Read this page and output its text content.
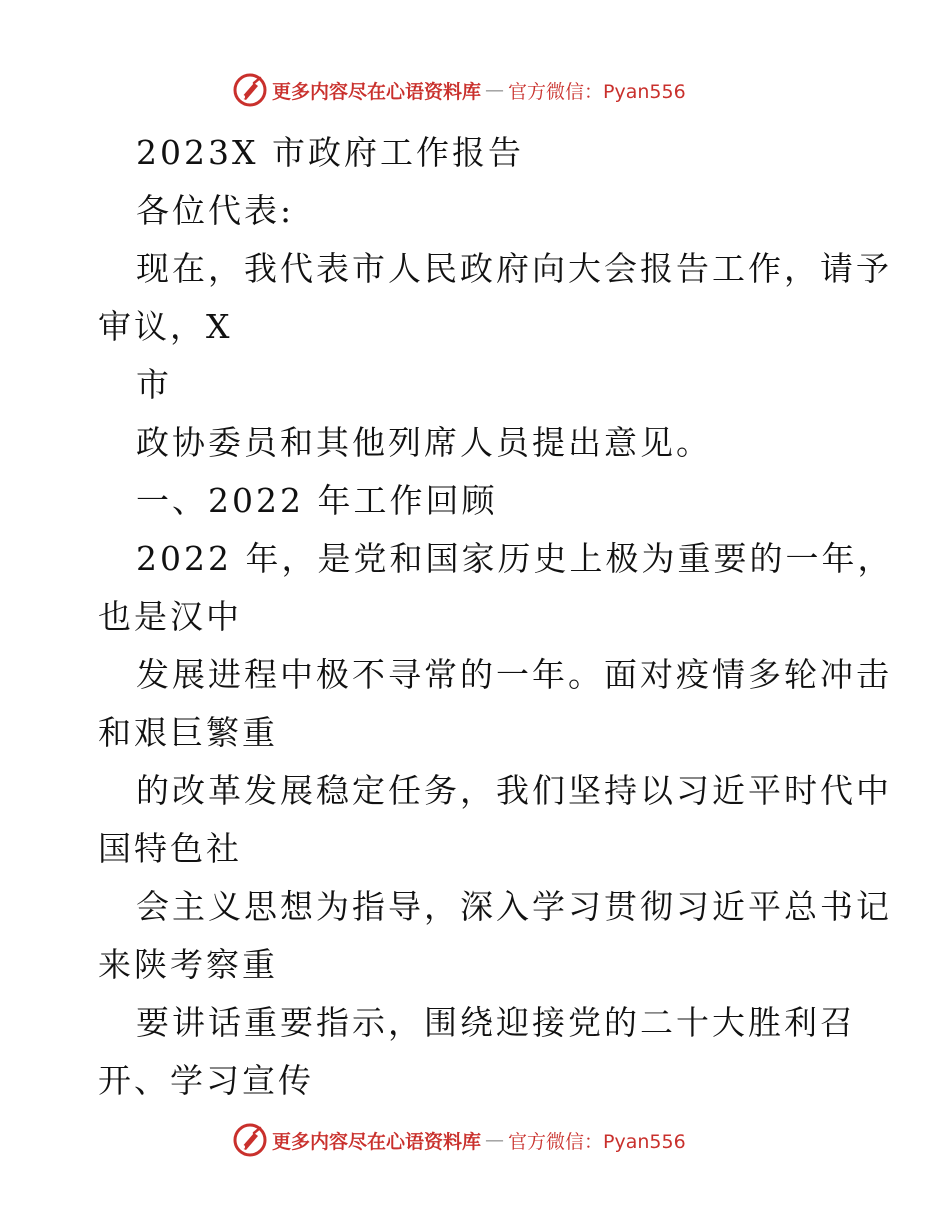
更多内容尽在心语资料库 — 官方微信：Pyan556
2023X 市政府工作报告
各位代表:
现在，我代表市人民政府向大会报告工作，请予
审议，X
市
政协委员和其他列席人员提出意见。
一、2022 年工作回顾
2022 年，是党和国家历史上极为重要的一年，
也是汉中
发展进程中极不寻常的一年。面对疫情多轮冲击
和艰巨繁重
的改革发展稳定任务，我们坚持以习近平时代中
国特色社
会主义思想为指导，深入学习贯彻习近平总书记
来陕考察重
要讲话重要指示，围绕迎接党的二十大胜利召
开、学习宣传
更多内容尽在心语资料库 — 官方微信：Pyan556
